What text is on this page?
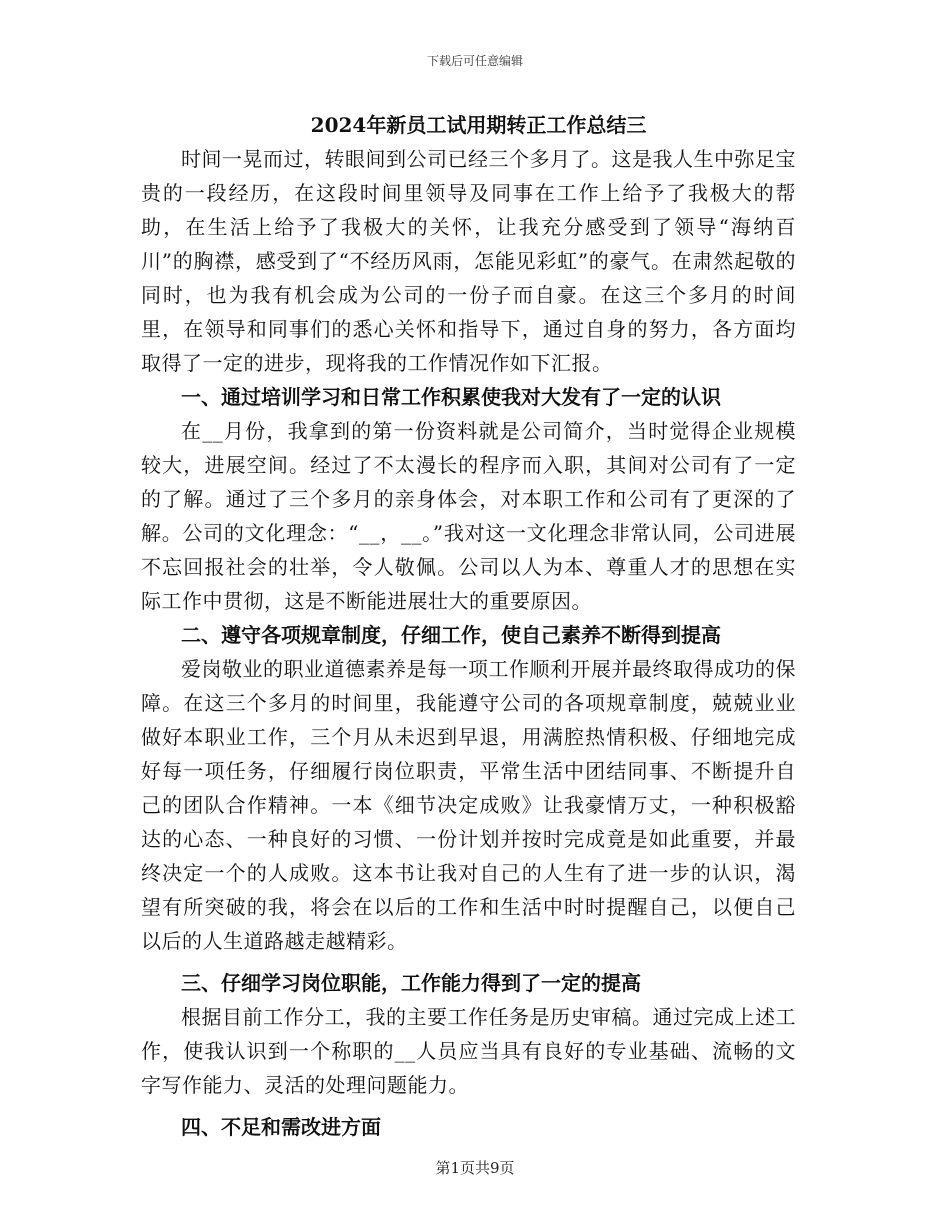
下载后可任意编辑
2024年新员工试用期转正工作总结三

时间一晃而过，转眼间到公司已经三个多月了。这是我人生中弥足宝贵的一段经历，在这段时间里领导及同事在工作上给予了我极大的帮助，在生活上给予了我极大的关怀，让我充分感受到了领导“海纳百川”的胸襟，感受到了“不经历风雨，怎能见彩虹”的豪气。在肃然起敬的同时，也为我有机会成为公司的一份子而自豪。在这三个多月的时间里，在领导和同事们的悉心关怀和指导下，通过自身的努力，各方面均取得了一定的进步，现将我的工作情况作如下汇报。

一、通过培训学习和日常工作积累使我对大发有了一定的认识

在__月份，我拿到的第一份资料就是公司简介，当时觉得企业规模较大，进展空间。经过了不太漫长的程序而入职，其间对公司有了一定的了解。通过了三个多月的亲身体会，对本职工作和公司有了更深的了解。公司的文化理念：“__，__。”我对这一文化理念非常认同，公司进展不忘回报社会的壮举，令人敬佩。公司以人为本、尊重人才的思想在实际工作中贯彻，这是不断能进展壮大的重要原因。

二、遵守各项规章制度，仔细工作，使自己素养不断得到提高

爱岗敬业的职业道德素养是每一项工作顺利开展并最终取得成功的保障。在这三个多月的时间里，我能遵守公司的各项规章制度，兢兢业业做好本职业工作，三个月从未迟到早退，用满腔热情积极、仔细地完成好每一项任务，仔细履行岗位职责，平常生活中团结同事、不断提升自己的团队合作精神。一本《细节决定成败》让我豪情万丈，一种积极豁达的心态、一种良好的习惯、一份计划并按时完成竟是如此重要，并最终决定一个的人成败。这本书让我对自己的人生有了进一步的认识，渴望有所突破的我，将会在以后的工作和生活中时时提醒自己，以便自己以后的人生道路越走越精彩。

三、仔细学习岗位职能，工作能力得到了一定的提高

根据目前工作分工，我的主要工作任务是历史审稿。通过完成上述工作，使我认识到一个称职的__人员应当具有良好的专业基础、流畅的文字写作能力、灵活的处理问题能力。

四、不足和需改进方面

第1页共9页
